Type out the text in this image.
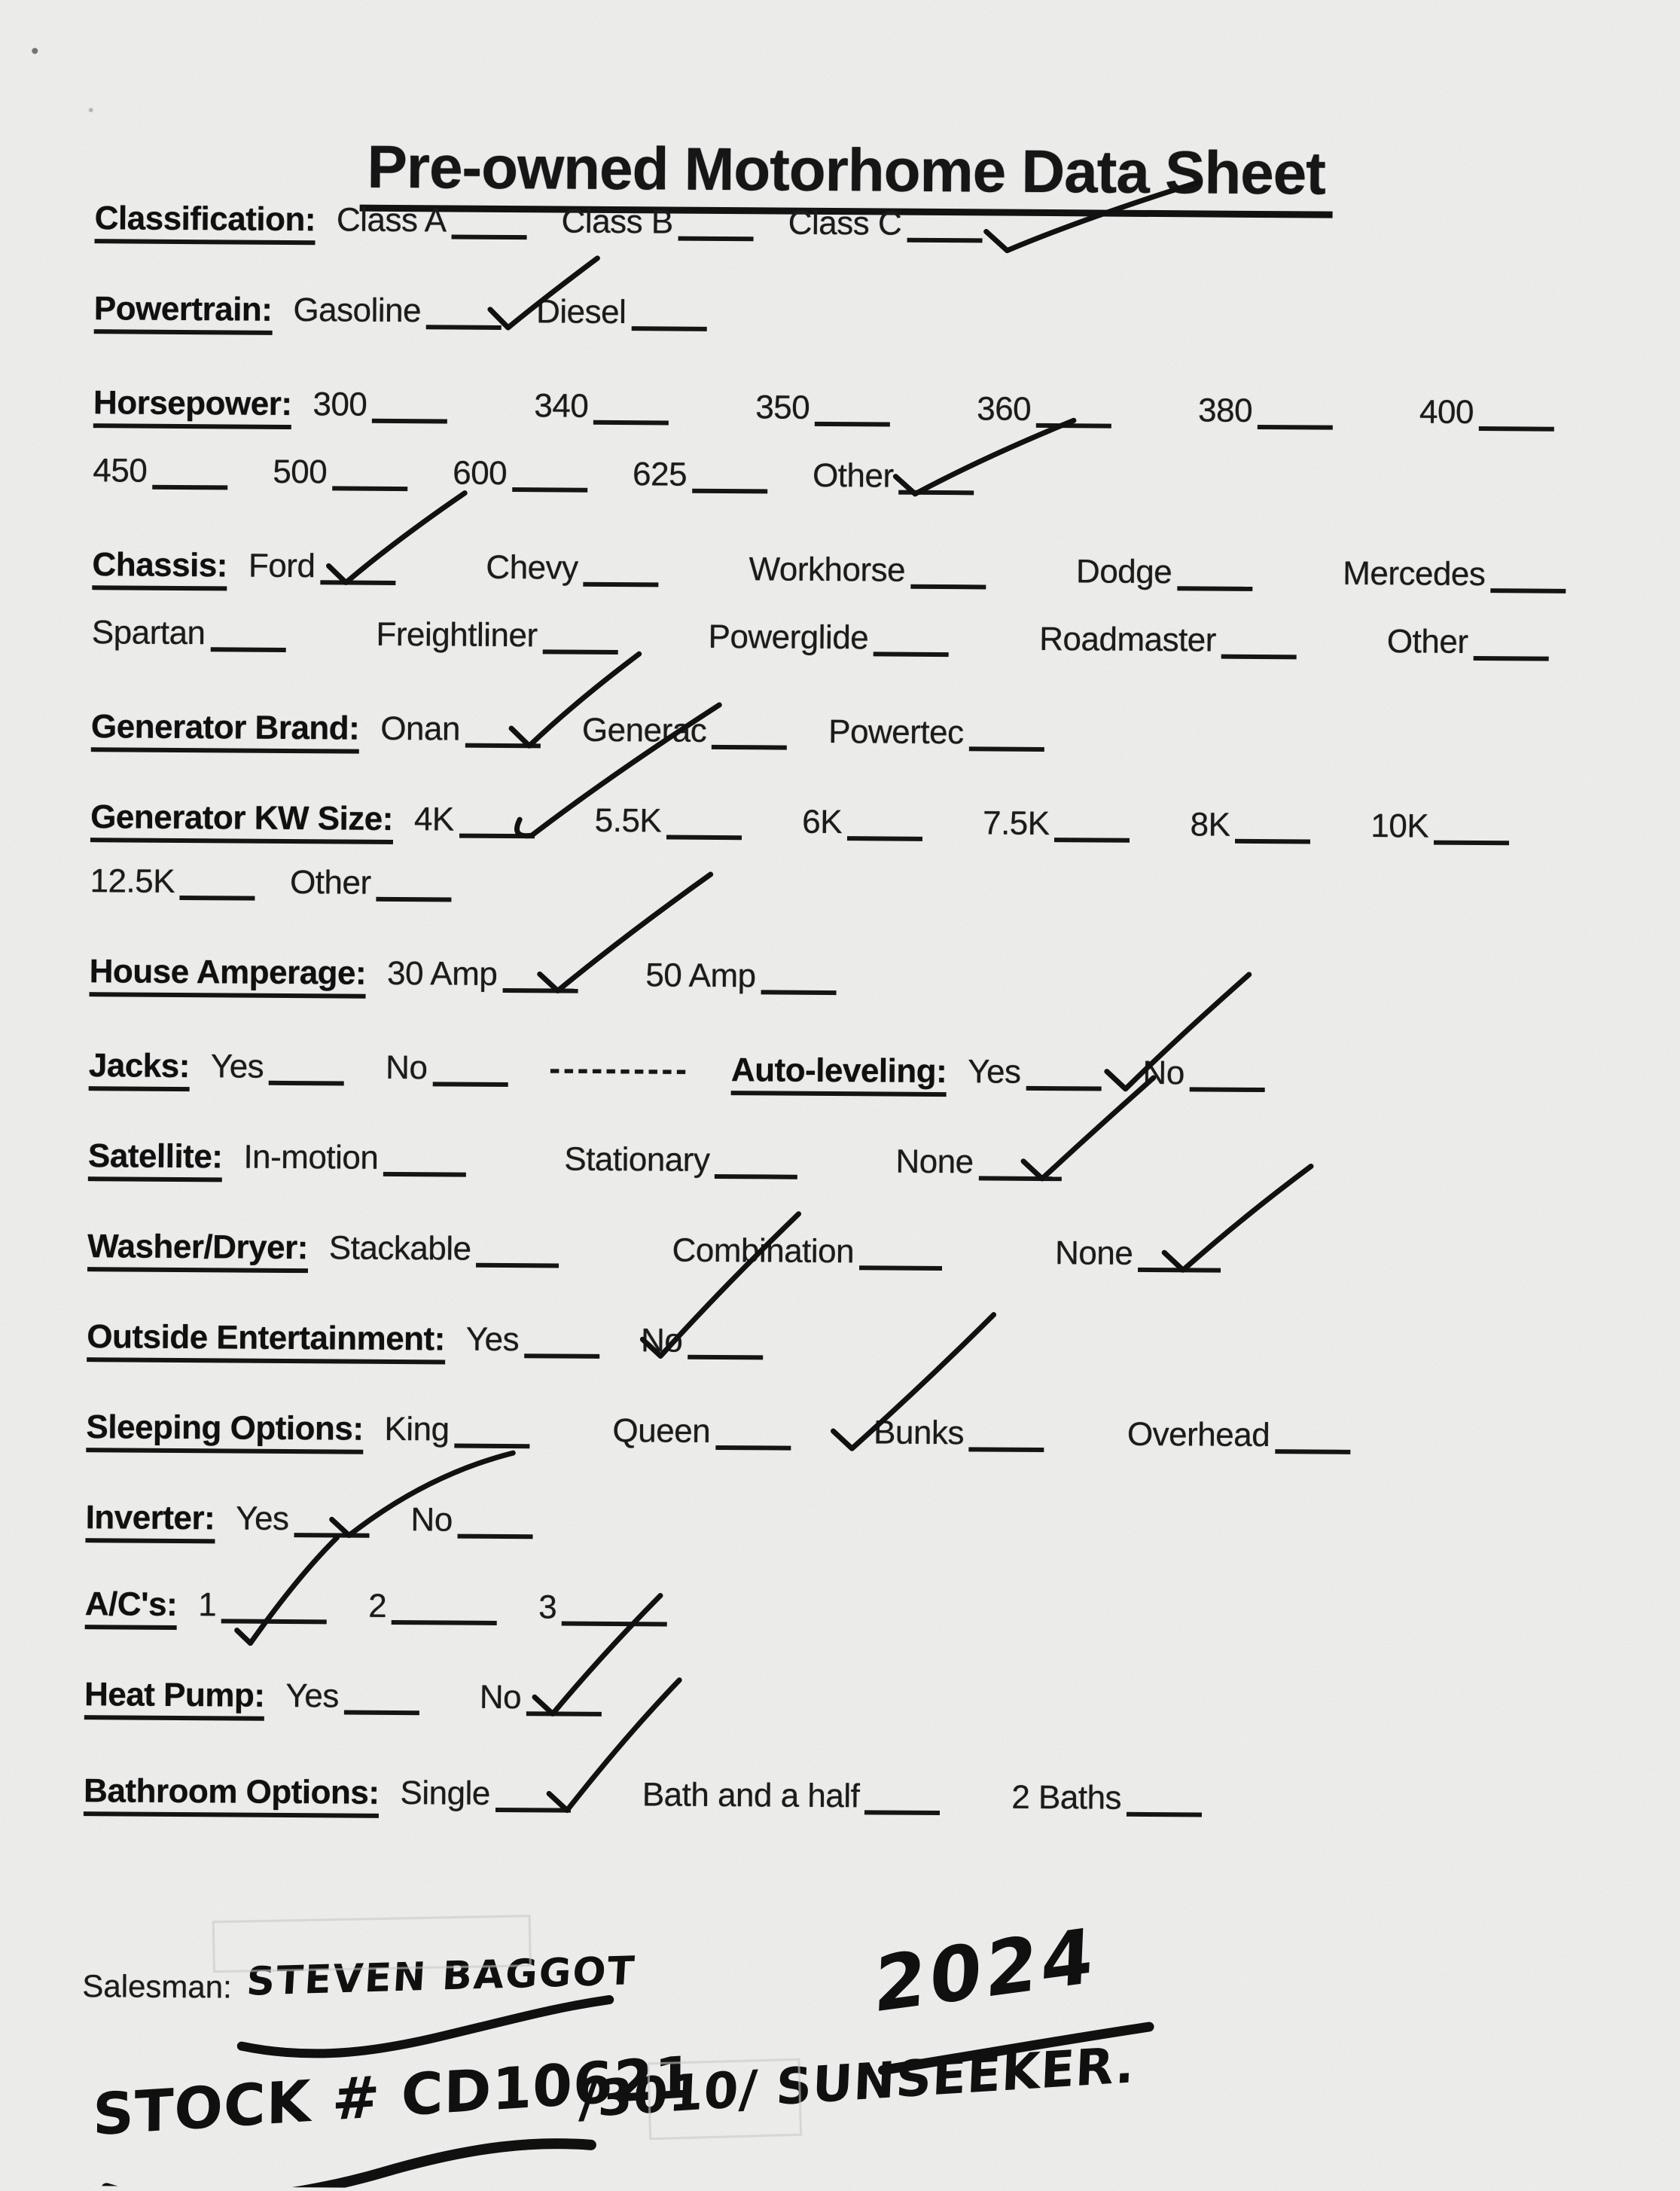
Pre-owned Motorhome Data Sheet
Classification: Class A	Class B	Class C
Powertrain: Gasoline	Diesel
Horsepower: 300	340	350	360	380	400
450	500	600	625	Other
Chassis: Ford	Chevy	Workhorse	Dodge	Mercedes
Spartan	Freightliner	Powerglide	Roadmaster	Other
Generator Brand: Onan	Generac	Powertec
Generator KW Size: 4K	5.5K	6K	7.5K	8K	10K
12.5K	Other
House Amperage: 30 Amp	50 Amp
Jacks: Yes	No	---------- Auto-leveling: Yes	No
Satellite: In-motion	Stationary	None
Washer/Dryer: Stackable	Combination	None
Outside Entertainment: Yes	No
Sleeping Options: King	Queen	Bunks	Overhead
Inverter: Yes	No
A/C's: 1	2	3
Heat Pump: Yes	No
Bathroom Options: Single	Bath and a half	2 Baths
Salesman: STEVEN BAGGOT	2024
STOCK # CD10621
/3010/ SUNSEEKER.
